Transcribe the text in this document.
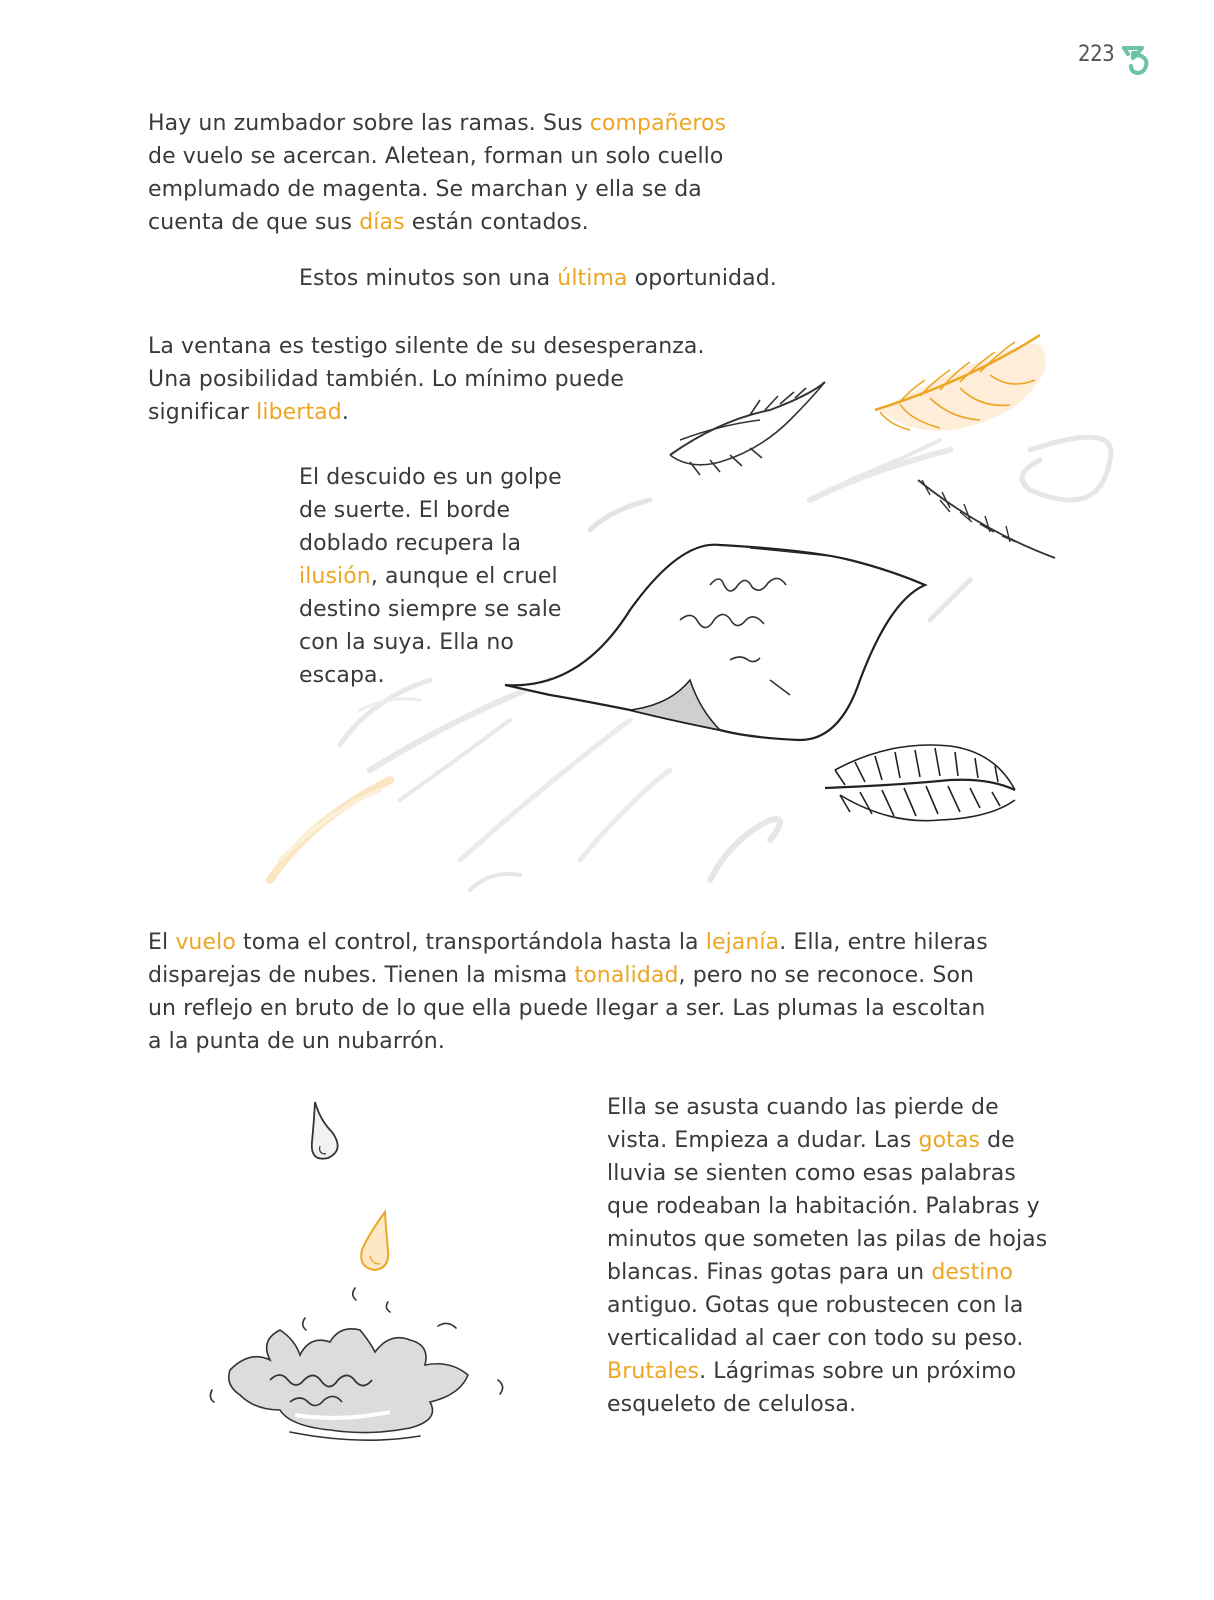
223
Hay un zumbador sobre las ramas. Sus compañeros
de vuelo se acercan. Aletean, forman un solo cuello
emplumado de magenta. Se marchan y ella se da
cuenta de que sus días están contados.
Estos minutos son una última oportunidad.
La ventana es testigo silente de su desesperanza.
Una posibilidad también. Lo mínimo puede
significar libertad.
El descuido es un golpe
de suerte. El borde
doblado recupera la
ilusión, aunque el cruel
destino siempre se sale
con la suya. Ella no
escapa.
El vuelo toma el control, transportándola hasta la lejanía. Ella, entre hileras
disparejas de nubes. Tienen la misma tonalidad, pero no se reconoce. Son
un reflejo en bruto de lo que ella puede llegar a ser. Las plumas la escoltan
a la punta de un nubarrón.
Ella se asusta cuando las pierde de
vista. Empieza a dudar. Las gotas de
lluvia se sienten como esas palabras
que rodeaban la habitación. Palabras y
minutos que someten las pilas de hojas
blancas. Finas gotas para un destino
antiguo. Gotas que robustecen con la
verticalidad al caer con todo su peso.
Brutales. Lágrimas sobre un próximo
esqueleto de celulosa.
